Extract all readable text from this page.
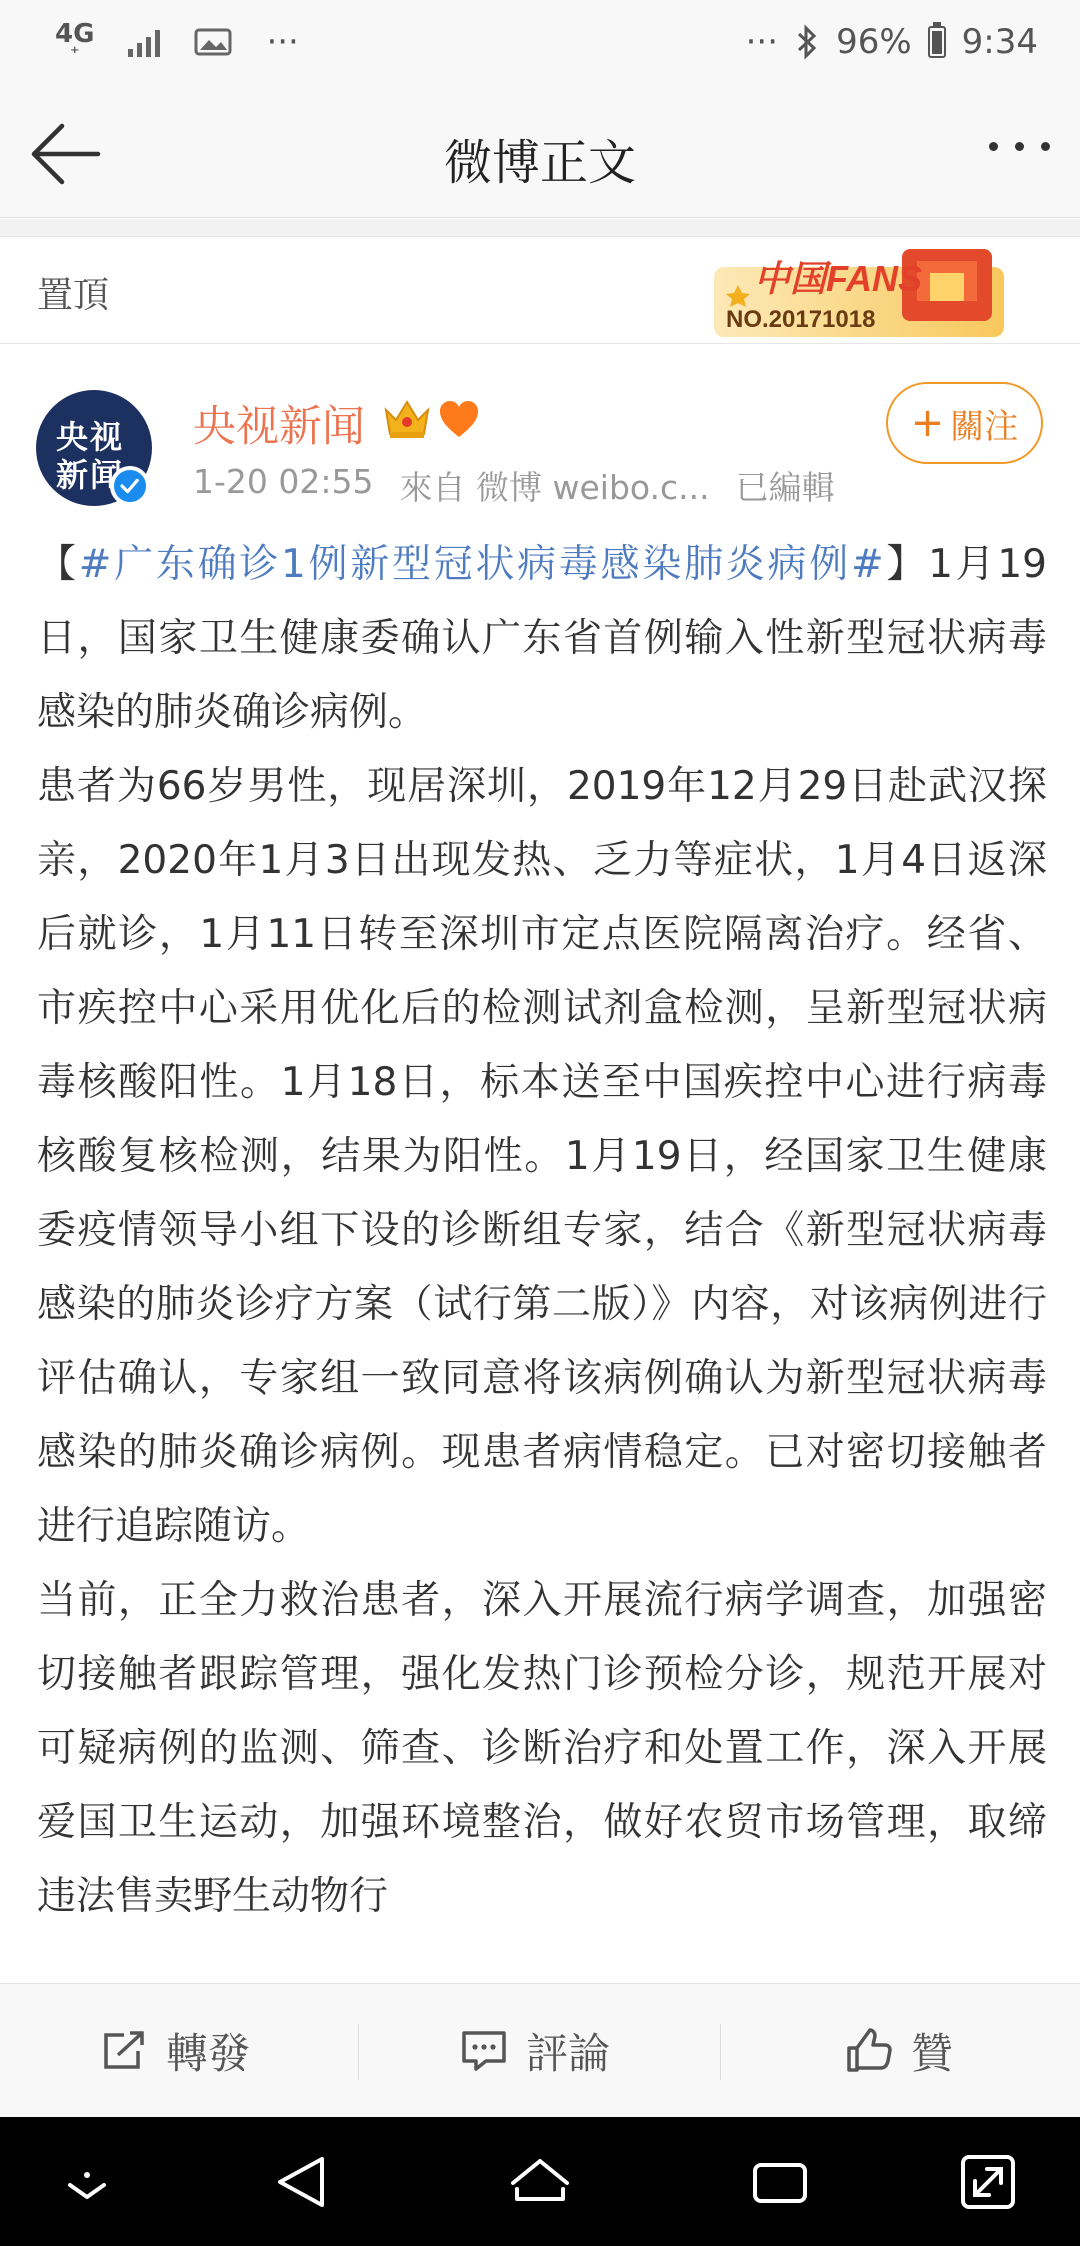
4G
⁺	···	··· 96% 9:34
微博正文
置頂	中国FANS
NO.20171018
央视
新闻
央视新闻
1-20 02:55 來自 微博 weibo.c... 已編輯
+ 關注
【#广东确诊1例新型冠状病毒感染肺炎病例#】1月19日，国家卫生健康委确认广东省首例输入性新型冠状病毒感染的肺炎确诊病例。
患者为66岁男性，现居深圳，2019年12月29日赴武汉探亲，2020年1月3日出现发热、乏力等症状，1月4日返深后就诊，1月11日转至深圳市定点医院隔离治疗。经省、市疾控中心采用优化后的检测试剂盒检测，呈新型冠状病毒核酸阳性。1月18日，标本送至中国疾控中心进行病毒核酸复核检测，结果为阳性。1月19日，经国家卫生健康委疫情领导小组下设的诊断组专家，结合《新型冠状病毒感染的肺炎诊疗方案（试行第二版）》内容，对该病例进行评估确认，专家组一致同意将该病例确认为新型冠状病毒感染的肺炎确诊病例。现患者病情稳定。已对密切接触者进行追踪随访。
当前，正全力救治患者，深入开展流行病学调查，加强密切接触者跟踪管理，强化发热门诊预检分诊，规范开展对可疑病例的监测、筛查、诊断治疗和处置工作，深入开展爱国卫生运动，加强环境整治，做好农贸市场管理，取缔违法售卖野生动物行
轉發	評論	贊
